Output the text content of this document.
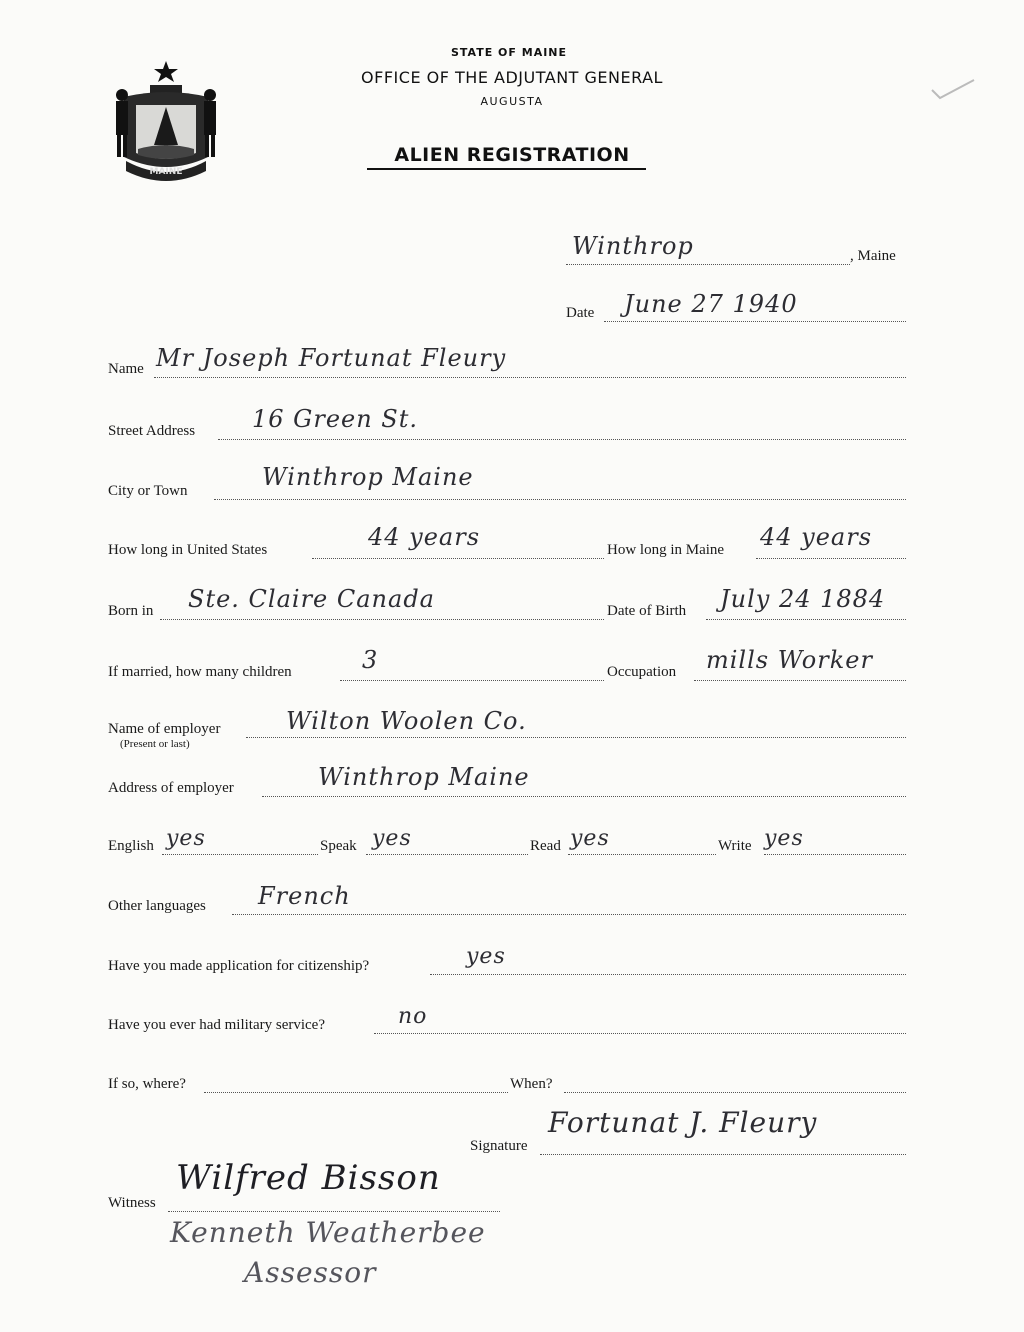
MAINE
STATE OF MAINE
OFFICE OF THE ADJUTANT GENERAL
AUGUSTA
ALIEN REGISTRATION
Winthrop	, Maine
Date June 27 1940
Name Mr Joseph Fortunat Fleury
Street Address 16 Green St.
City or Town	Winthrop Maine
How long in United States	44 years	How long in Maine 44 years
Born in Ste. Claire Canada	Date of Birth July 24 1884
If married, how many children	3	Occupation mills Worker
Name of employer
(Present or last)
Wilton Woolen Co.
Address of employer	Winthrop Maine
English yes	Speak yes	Read yes	Write yes
Other languages French
Have you made application for citizenship?	yes
Have you ever had military service?	no
If so, where?	When?
Signature
Fortunat J. Fleury
Witness
Wilfred Bisson
Kenneth Weatherbee
Assessor
